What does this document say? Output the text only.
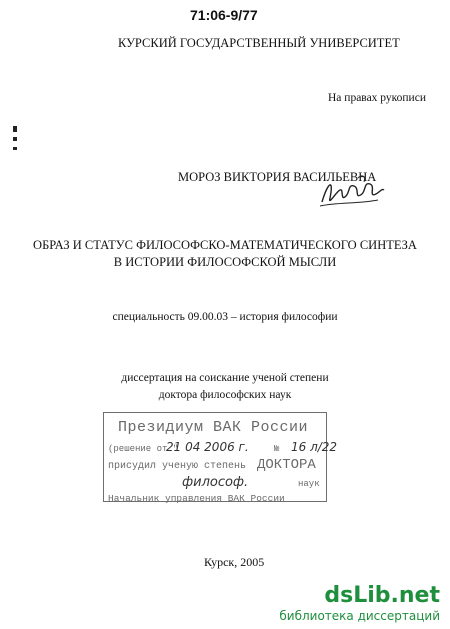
71:06-9/77
КУРСКИЙ ГОСУДАРСТВЕННЫЙ УНИВЕРСИТЕТ
На правах рукописи
МОРОЗ ВИКТОРИЯ ВАСИЛЬЕВНА
ОБРАЗ И СТАТУС ФИЛОСОФСКО-МАТЕМАТИЧЕСКОГО СИНТЕЗА
В ИСТОРИИ ФИЛОСОФСКОЙ МЫСЛИ
специальность 09.00.03 – история философии
диссертация на соискание ученой степени
доктора философских наук
Президиум ВАК России
(решение от "
21 04 2006 г.	№ 16 л/22
присудил ученую степень ДОКТОРА
философ.	наук
Начальник управления ВАК России
Курск, 2005
dsLib.net
библиотека диссертаций
